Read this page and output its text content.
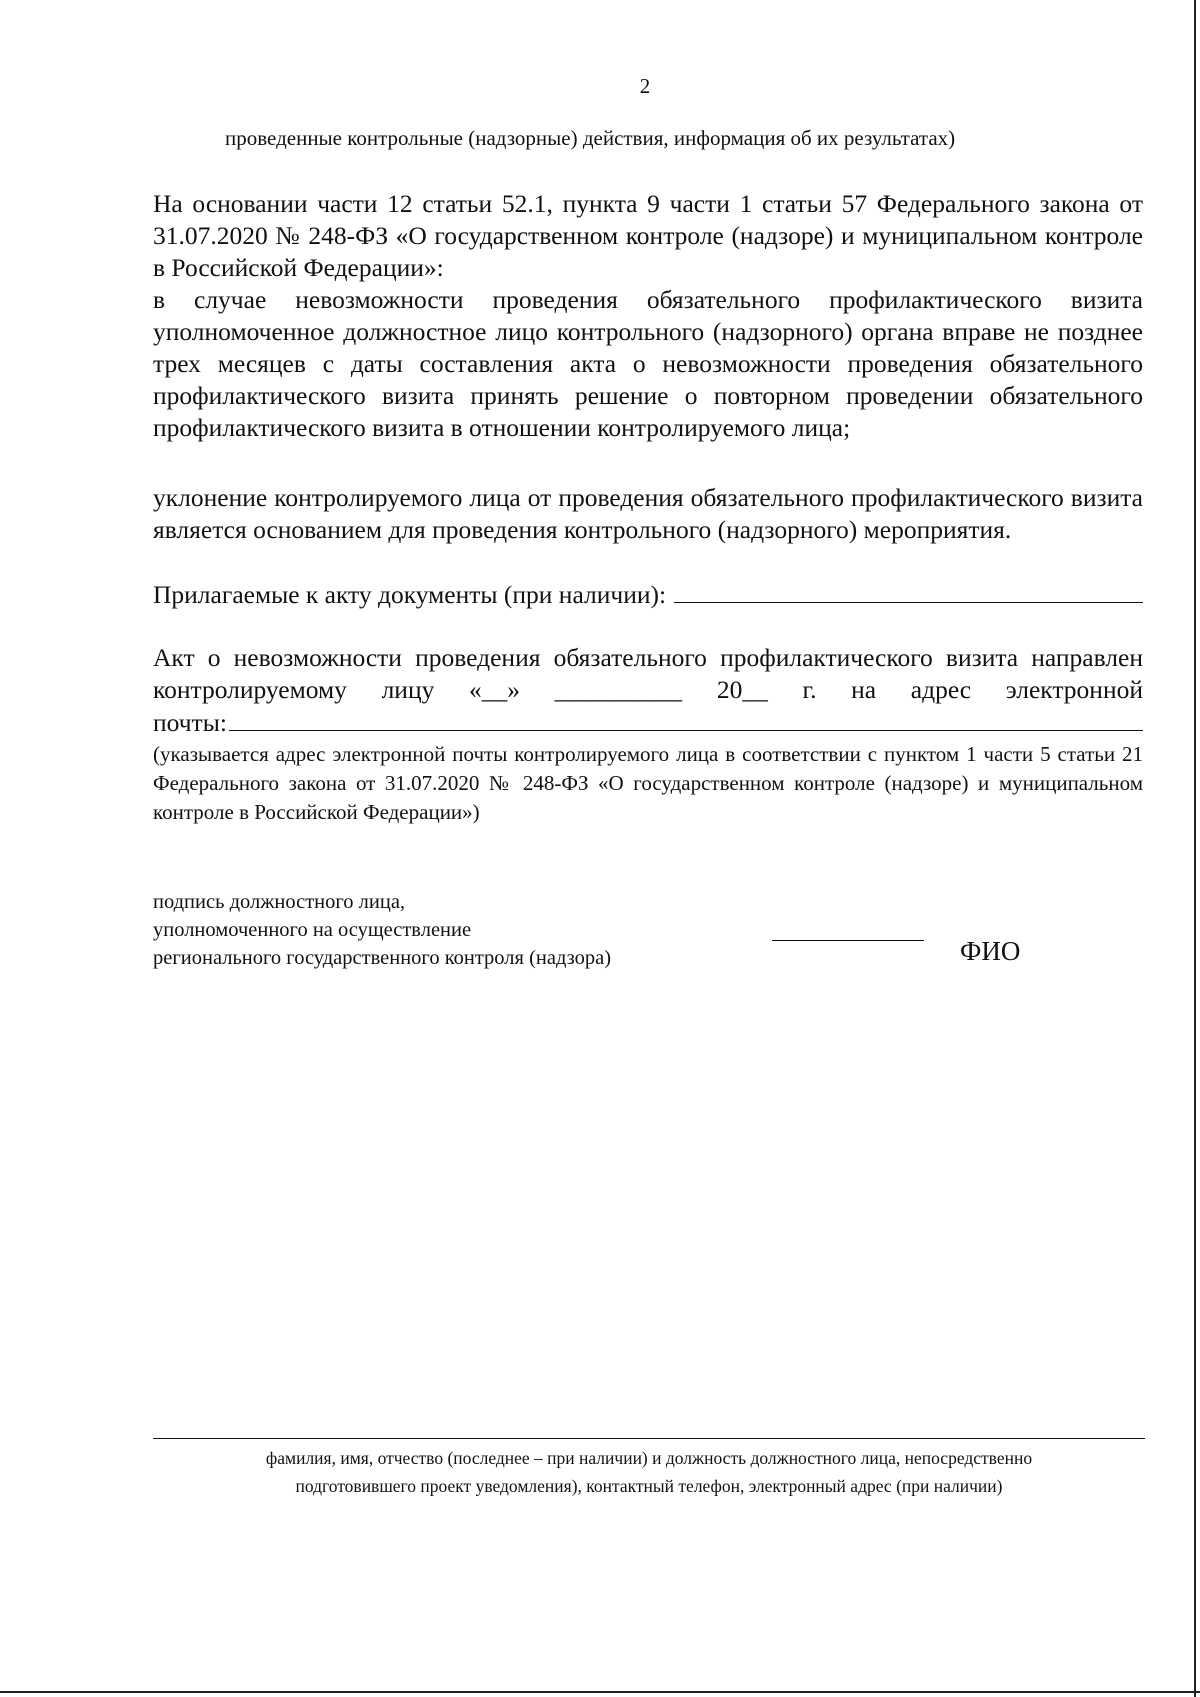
2
проведенные контрольные (надзорные) действия, информация об их результатах)

На основании части 12 статьи 52.1, пункта 9 части 1 статьи 57 Федерального закона от 31.07.2020 № 248-ФЗ «О государственном контроле (надзоре) и муниципальном контроле в Российской Федерации»:

в случае невозможности проведения обязательного профилактического визита уполномоченное должностное лицо контрольного (надзорного) органа вправе не позднее трех месяцев с даты составления акта о невозможности проведения обязательного профилактического визита принять решение о повторном проведении обязательного профилактического визита в отношении контролируемого лица;

уклонение контролируемого лица от проведения обязательного профилактического визита является основанием для проведения контрольного (надзорного) мероприятия.

Прилагаемые к акту документы (при наличии):

Акт о невозможности проведения обязательного профилактического визита направлен контролируемому лицу «__» __________ 20__ г. на адрес электронной

почты:
(указывается адрес электронной почты контролируемого лица в соответствии с пунктом 1 части 5 статьи 21 Федерального закона от 31.07.2020 № 248-ФЗ «О государственном контроле (надзоре) и муниципальном контроле в Российской Федерации»)
подпись должностного лица,
уполномоченного на осуществление
регионального государственного контроля (надзора)	ФИО
фамилия, имя, отчество (последнее – при наличии) и должность должностного лица, непосредственно
подготовившего проект уведомления), контактный телефон, электронный адрес (при наличии)
